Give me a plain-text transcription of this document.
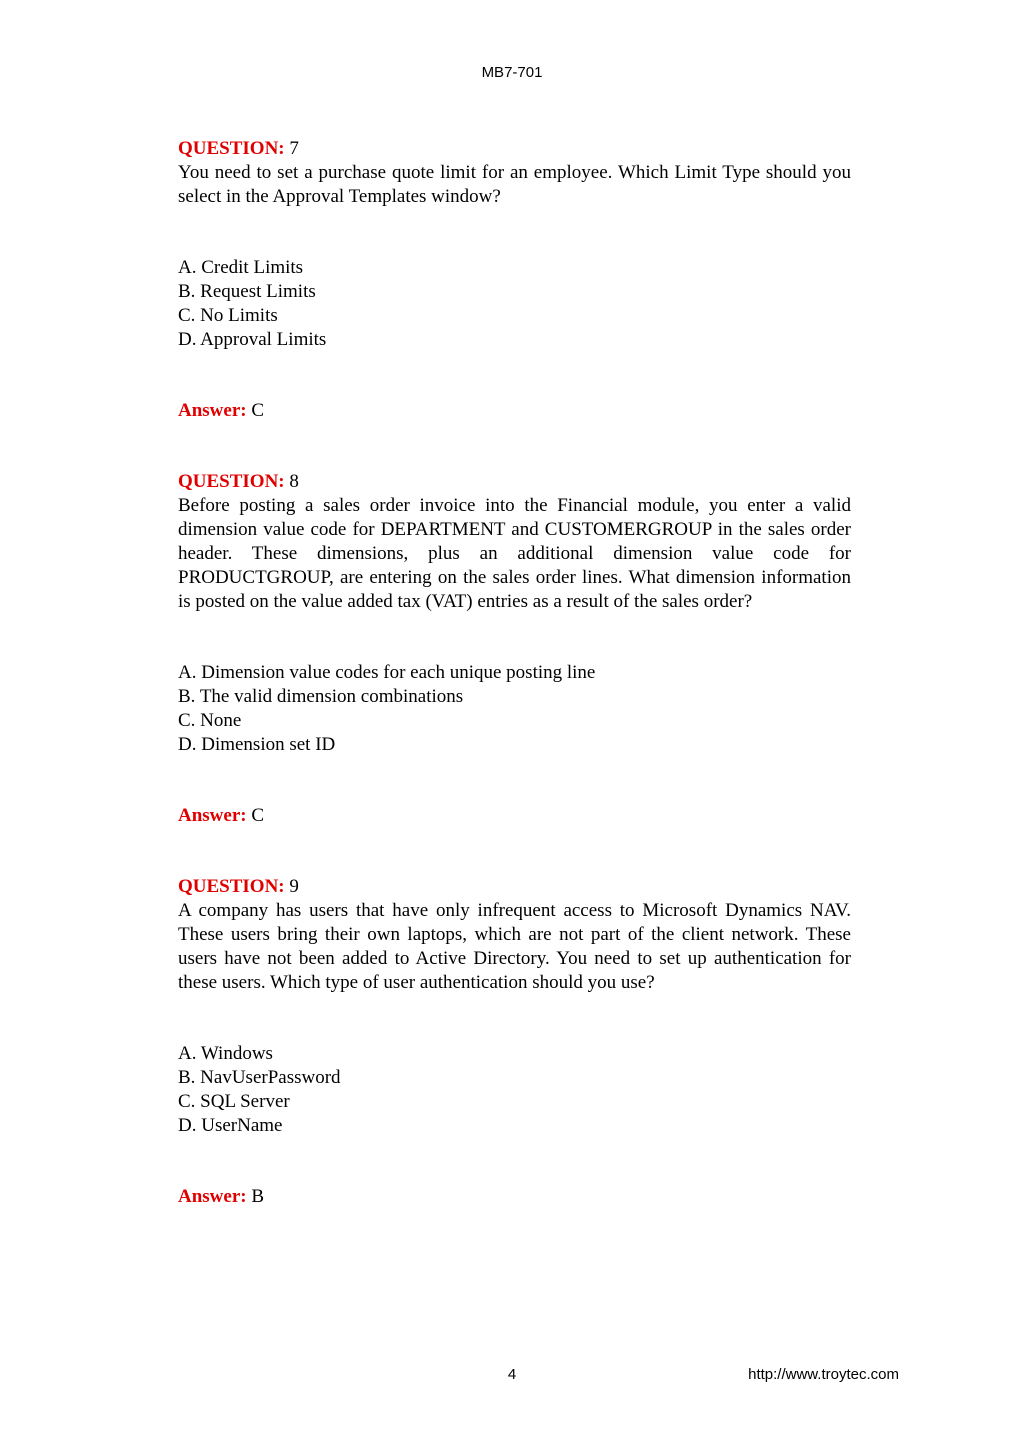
MB7-701

QUESTION: 7

You need to set a purchase quote limit for an employee. Which Limit Type should you select in the Approval Templates window?

A. Credit Limits
B. Request Limits
C. No Limits
D. Approval Limits

Answer: C

QUESTION: 8

Before posting a sales order invoice into the Financial module, you enter a valid dimension value code for DEPARTMENT and CUSTOMERGROUP in the sales order header. These dimensions, plus an additional dimension value code for PRODUCTGROUP, are entering on the sales order lines. What dimension information is posted on the value added tax (VAT) entries as a result of the sales order?

A. Dimension value codes for each unique posting line
B. The valid dimension combinations
C. None
D. Dimension set ID

Answer: C

QUESTION: 9

A company has users that have only infrequent access to Microsoft Dynamics NAV. These users bring their own laptops, which are not part of the client network. These users have not been added to Active Directory. You need to set up authentication for these users. Which type of user authentication should you use?

A. Windows
B. NavUserPassword
C. SQL Server
D. UserName

Answer: B

4	http://www.troytec.com
